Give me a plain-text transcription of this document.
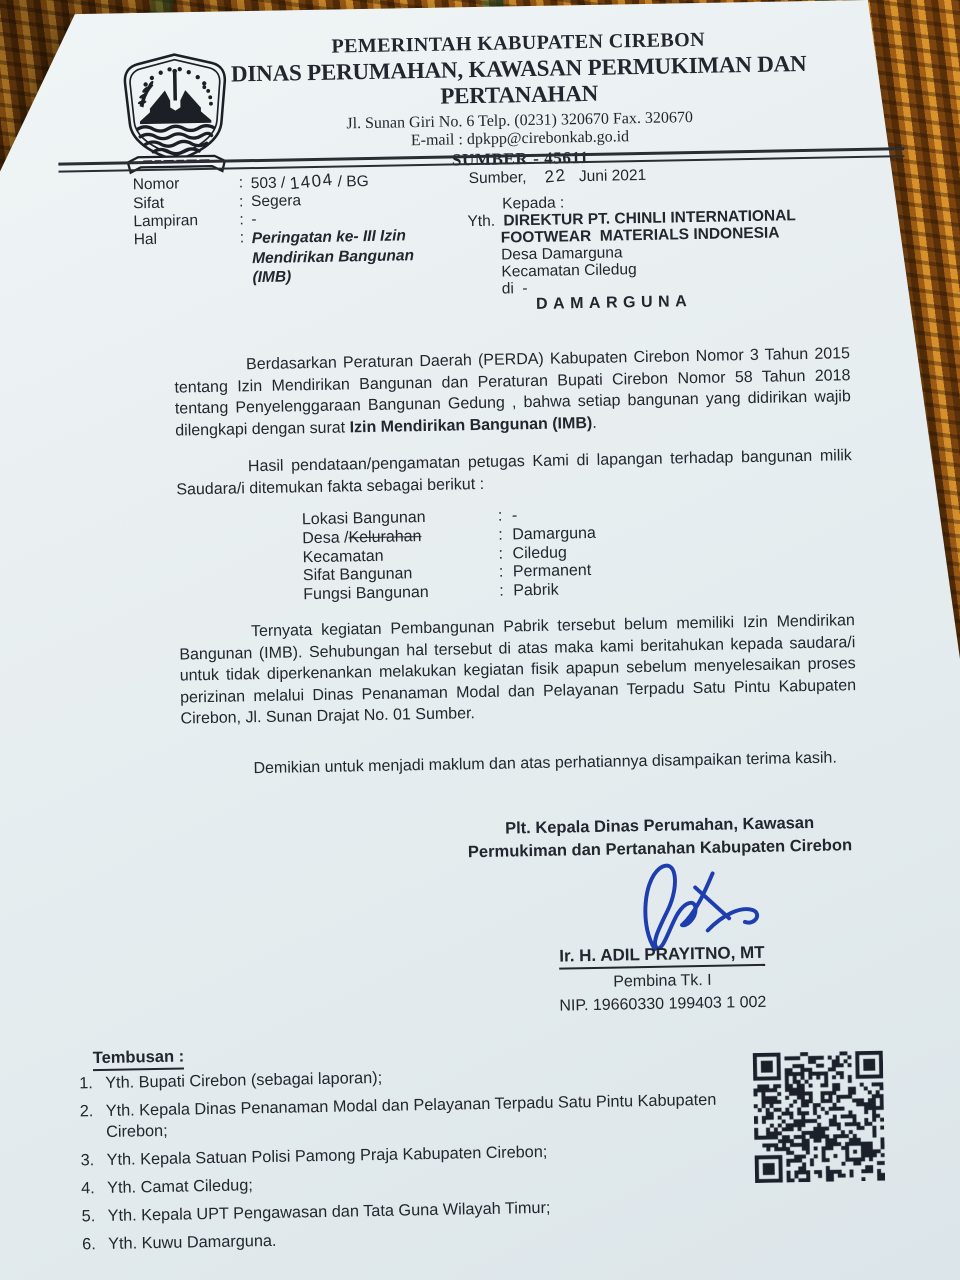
PEMERINTAH KABUPATEN CIREBON
DINAS PERUMAHAN, KAWASAN PERMUKIMAN DAN PERTANAHAN
Jl. Sunan Giri No. 6 Telp. (0231) 320670 Fax. 320670
E-mail : dpkpp@cirebonkab.go.id
SUMBER - 45611
Nomor	: 503 / 1404 / BG
Sifat	: Segera
Lampiran	: -
Hal	: Peringatan ke- III Izin Mendirikan Bangunan (IMB)
Sumber, 22 Juni 2021
Kepada :
Yth. DIREKTUR PT. CHINLI INTERNATIONAL
FOOTWEAR  MATERIALS INDONESIA
Desa Damarguna
Kecamatan Ciledug
di  -
DAMARGUNA
Berdasarkan Peraturan Daerah (PERDA) Kabupaten Cirebon Nomor 3 Tahun 2015 tentang Izin Mendirikan Bangunan dan Peraturan Bupati Cirebon Nomor 58 Tahun 2018 tentang Penyelenggaraan Bangunan Gedung , bahwa setiap bangunan yang didirikan wajib dilengkapi dengan surat Izin Mendirikan Bangunan (IMB).
Hasil pendataan/pengamatan petugas Kami di lapangan terhadap bangunan milik Saudara/i ditemukan fakta sebagai berikut :
Lokasi Bangunan	: -
Desa /Kelurahan	: Damarguna
Kecamatan	: Ciledug
Sifat Bangunan	: Permanent
Fungsi Bangunan	: Pabrik
Ternyata kegiatan Pembangunan Pabrik tersebut belum memiliki Izin Mendirikan Bangunan (IMB). Sehubungan hal tersebut di atas maka kami beritahukan kepada saudara/i untuk tidak diperkenankan melakukan kegiatan fisik apapun sebelum menyelesaikan proses perizinan melalui Dinas Penanaman Modal dan Pelayanan Terpadu Satu Pintu Kabupaten Cirebon, Jl. Sunan Drajat No. 01 Sumber.
Demikian untuk menjadi maklum dan atas perhatiannya disampaikan terima kasih.
Plt. Kepala Dinas Perumahan, Kawasan
Permukiman dan Pertanahan Kabupaten Cirebon
Ir. H. ADIL PRAYITNO, MT
Pembina Tk. I
NIP. 19660330 199403 1 002
Tembusan :
Yth. Bupati Cirebon (sebagai laporan);
Yth. Kepala Dinas Penanaman Modal dan Pelayanan Terpadu Satu Pintu Kabupaten Cirebon;
Yth. Kepala Satuan Polisi Pamong Praja Kabupaten Cirebon;
Yth. Camat Ciledug;
Yth. Kepala UPT Pengawasan dan Tata Guna Wilayah Timur;
Yth. Kuwu Damarguna.
